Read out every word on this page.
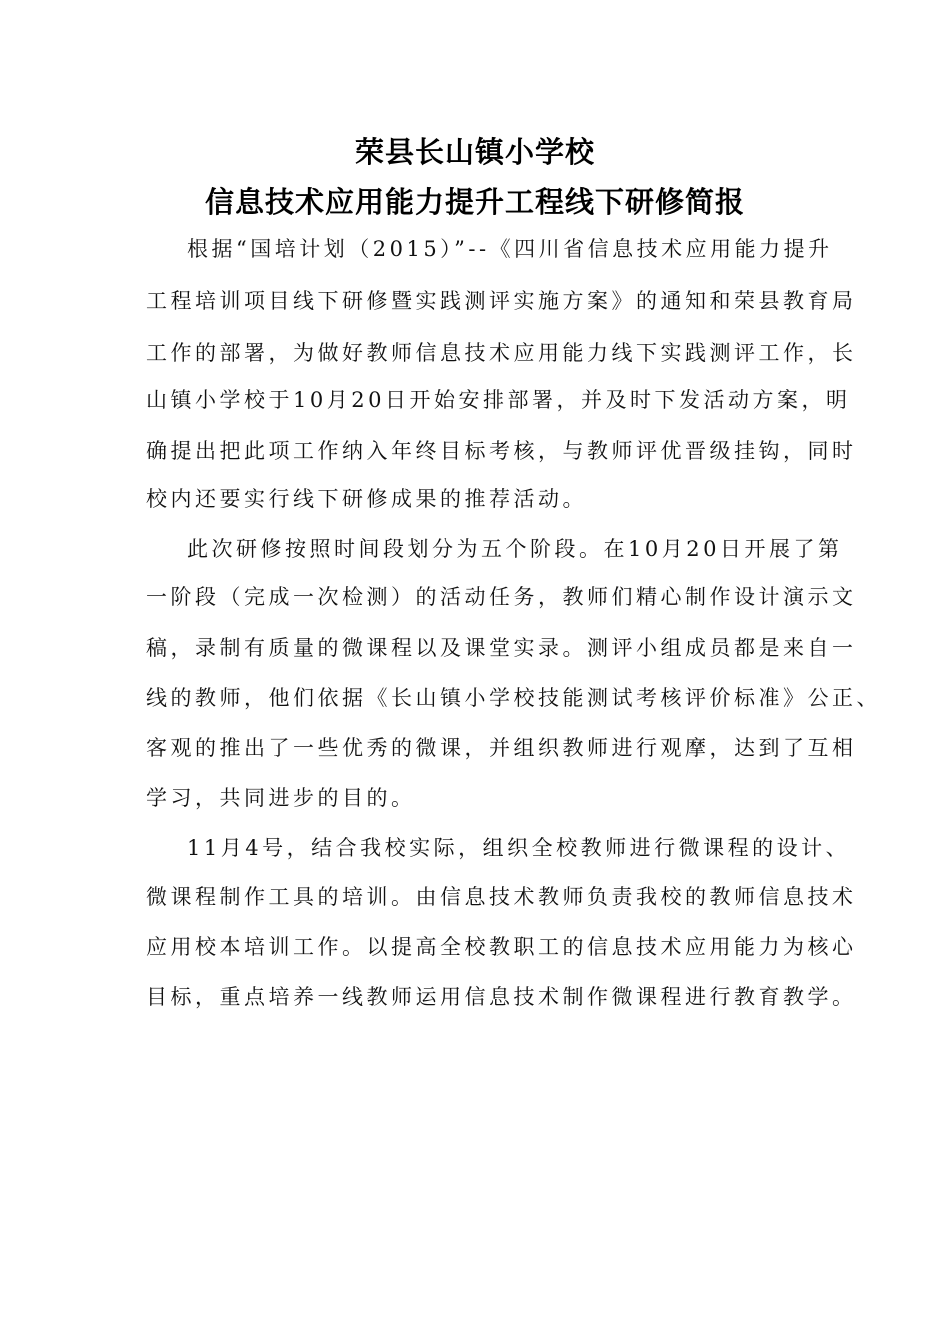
荣县长山镇小学校
信息技术应用能力提升工程线下研修简报
根据“国培计划（2015）”--《四川省信息技术应用能力提升
工程培训项目线下研修暨实践测评实施方案》的通知和荣县教育局
工作的部署，为做好教师信息技术应用能力线下实践测评工作，长
山镇小学校于10月20日开始安排部署，并及时下发活动方案，明
确提出把此项工作纳入年终目标考核，与教师评优晋级挂钩，同时
校内还要实行线下研修成果的推荐活动。
此次研修按照时间段划分为五个阶段。在10月20日开展了第
一阶段（完成一次检测）的活动任务，教师们精心制作设计演示文
稿，录制有质量的微课程以及课堂实录。测评小组成员都是来自一
线的教师，他们依据《长山镇小学校技能测试考核评价标准》公正、
客观的推出了一些优秀的微课，并组织教师进行观摩，达到了互相
学习，共同进步的目的。
11月4号，结合我校实际，组织全校教师进行微课程的设计、
微课程制作工具的培训。由信息技术教师负责我校的教师信息技术
应用校本培训工作。以提高全校教职工的信息技术应用能力为核心
目标，重点培养一线教师运用信息技术制作微课程进行教育教学。
